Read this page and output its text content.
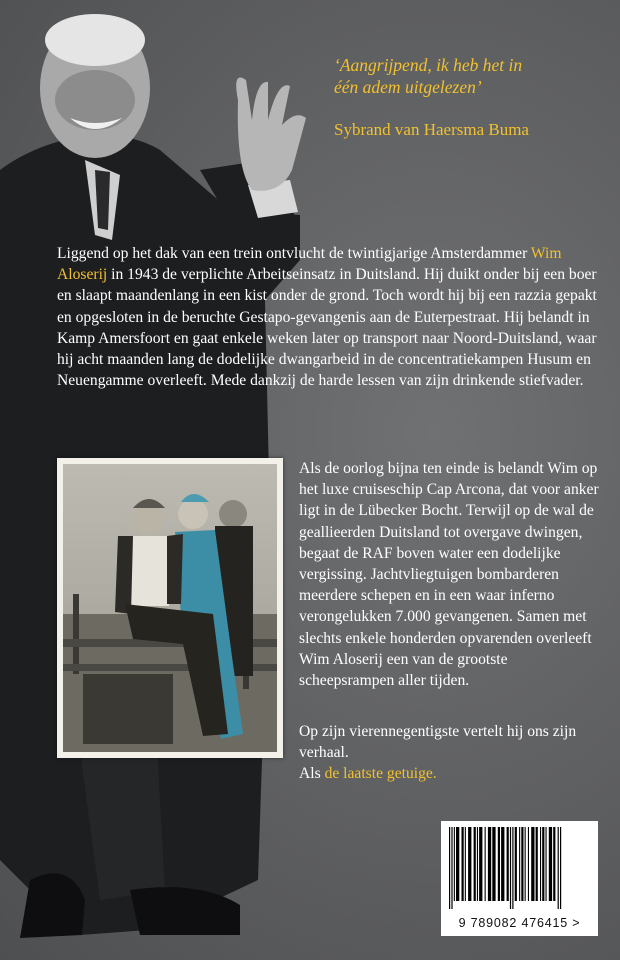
‘Aangrijpend, ik heb het in
één adem uitgelezen’
Sybrand van Haersma Buma

Liggend op het dak van een trein ontvlucht de twintigjarige Amsterdammer Wim Aloserij in 1943 de verplichte Arbeitseinsatz in Duitsland. Hij duikt onder bij een boer en slaapt maandenlang in een kist onder de grond. Toch wordt hij bij een razzia gepakt en opgesloten in de beruchte Gestapo-gevangenis aan de Euterpestraat. Hij belandt in Kamp Amersfoort en gaat enkele weken later op transport naar Noord-Duitsland, waar hij acht maanden lang de dodelijke dwangarbeid in de concentratiekampen Husum en Neuengamme overleeft. Mede dankzij de harde lessen van zijn drinkende stiefvader.

Als de oorlog bijna ten einde is belandt Wim op het luxe cruiseschip Cap Arcona, dat voor anker ligt in de Lübecker Bocht. Terwijl op de wal de geallieerden Duitsland tot overgave dwingen, begaat de RAF boven water een dodelijke vergissing. Jachtvliegtuigen bombarderen meerdere schepen en in een waar inferno verongelukken 7.000 gevangenen. Samen met slechts enkele honderden opvarenden overleeft Wim Aloserij een van de grootste scheepsrampen aller tijden.

Op zijn vierennegentigste vertelt hij ons zijn verhaal.
Als de laatste getuige.

9 789082 476415 >
